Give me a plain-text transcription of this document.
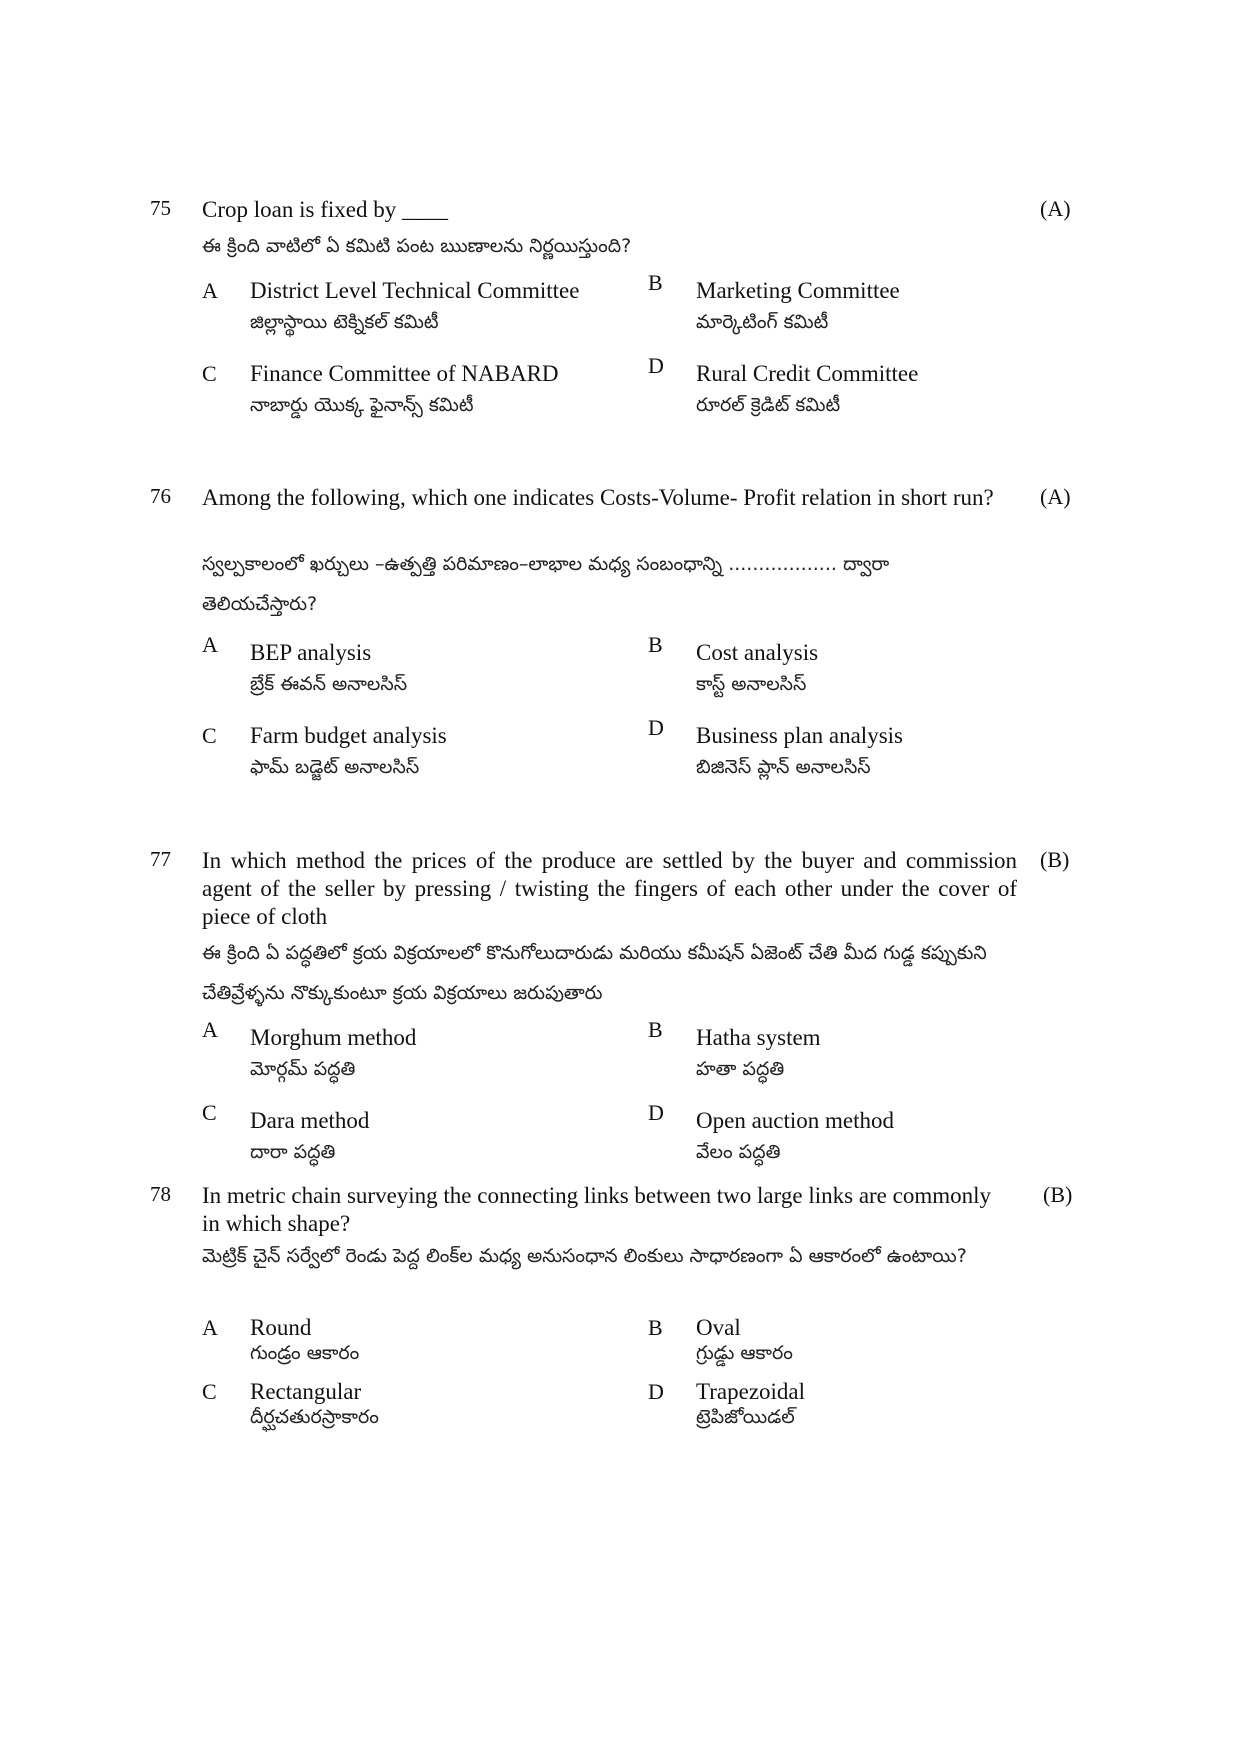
75 Crop loan is fixed by ____	(A)
ఈ క్రింది వాటిలో ఏ కమిటి పంట ఋణాలను నిర్ణయిస్తుంది?
A District Level Technical Committee
జిల్లాస్థాయి టెక్నికల్ కమిటీ
B Marketing Committee
మార్కెటింగ్ కమిటీ
C Finance Committee of NABARD
నాబార్డు యొక్క ఫైనాన్స్ కమిటీ
D Rural Credit Committee
రూరల్ క్రెడిట్ కమిటీ
76 Among the following, which one indicates Costs-Volume- Profit relation in short run?	(A)
స్వల్పకాలంలో ఖర్చులు –ఉత్పత్తి పరిమాణం–లాభాల మధ్య సంబంధాన్ని .................. ద్వారా తెలియచేస్తారు?
A BEP analysis
బ్రేక్ ఈవన్ అనాలసిస్
B Cost analysis
కాస్ట్ అనాలసిస్
C Farm budget analysis
ఫామ్ బడ్జెట్ అనాలసిస్
D Business plan analysis
బిజినెస్ ప్లాన్ అనాలసిస్
77 In which method the prices of the produce are settled by the buyer and commission agent of the seller by pressing / twisting the fingers of each other under the cover of piece of cloth
(B)
ఈ క్రింది ఏ పద్ధతిలో క్రయ విక్రయాలలో కొనుగోలుదారుడు మరియు కమీషన్ ఏజెంట్ చేతి మీద గుడ్డ కప్పుకుని చేతివ్రేళ్ళను నొక్కుకుంటూ క్రయ విక్రయాలు జరుపుతారు
A Morghum method
మోర్గమ్ పద్ధతి
B Hatha system
హతా పద్ధతి
C Dara method
దారా పద్ధతి
D Open auction method
వేలం పద్ధతి
78 In metric chain surveying the connecting links between two large links are commonly in which shape?
(B)
మెట్రిక్ చైన్ సర్వేలో రెండు పెద్ద లింక్‌ల మధ్య అనుసంధాన లింకులు సాధారణంగా ఏ ఆకారంలో ఉంటాయి?
A Round
గుండ్రం ఆకారం
B Oval
గ్రుడ్డు ఆకారం
C Rectangular
దీర్ఘచతురస్రాకారం
D Trapezoidal
ట్రెపిజోయిడల్
